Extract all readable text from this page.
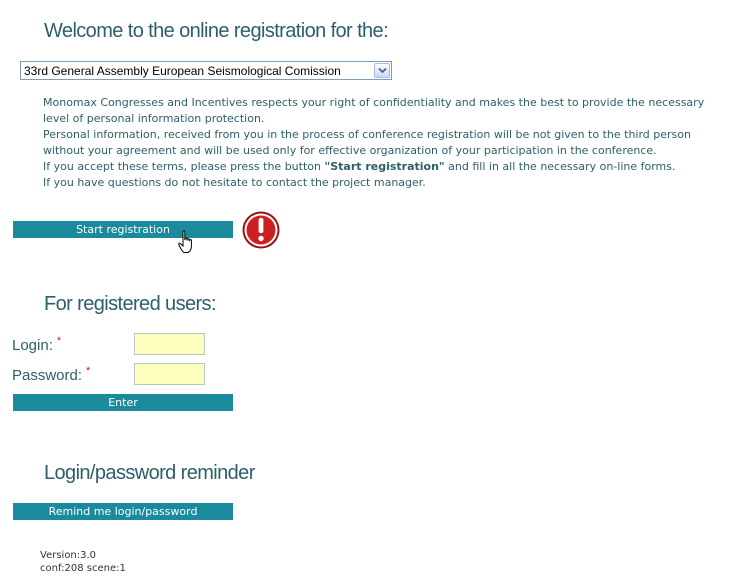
Welcome to the online registration for the:
33rd General Assembly European Seismological Comission

Monomax Congresses and Incentives respects your right of confidentiality and makes the best to provide the necessary level of personal information protection.

Personal information, received from you in the process of conference registration will be not given to the third person without your agreement and will be used only for effective organization of your participation in the conference.

If you accept these terms, please press the button "Start registration" and fill in all the necessary on-line forms.

If you have questions do not hesitate to contact the project manager.

Start registration
For registered users:
Login: *
Password: *
Enter
Login/password reminder
Remind me login/password
Version:3.0
conf:208 scene:1
